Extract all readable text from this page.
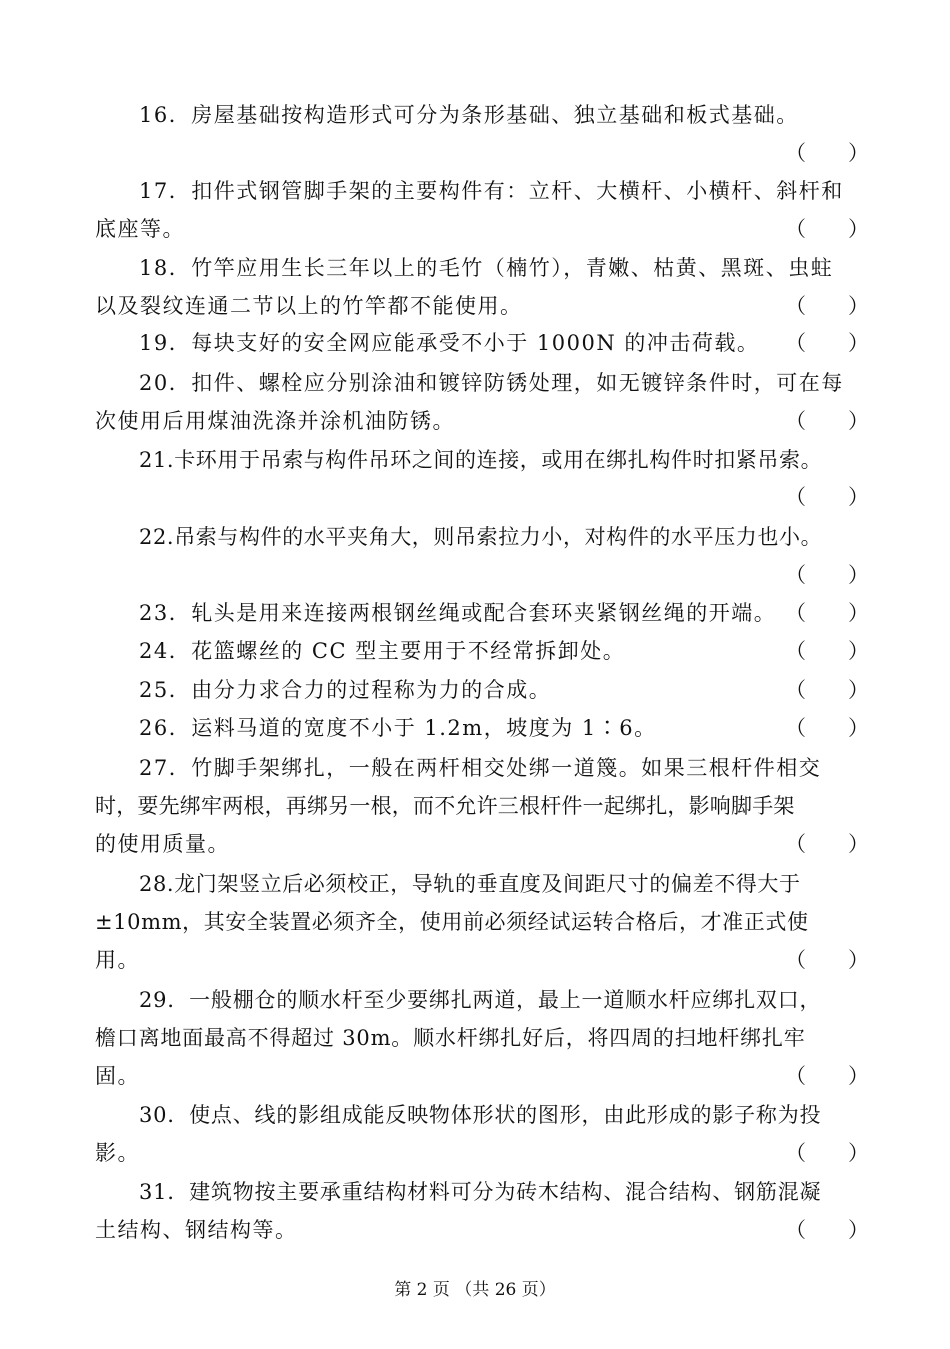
16．房屋基础按构造形式可分为条形基础、独立基础和板式基础。
（　　）
17．扣件式钢管脚手架的主要构件有：立杆、大横杆、小横杆、斜杆和
底座等。	（　　）
18．竹竿应用生长三年以上的毛竹（楠竹），青嫩、枯黄、黑斑、虫蛀
以及裂纹连通二节以上的竹竿都不能使用。	（　　）
19．每块支好的安全网应能承受不小于 1000N 的冲击荷载。	（　　）
20．扣件、螺栓应分别涂油和镀锌防锈处理，如无镀锌条件时，可在每
次使用后用煤油洗涤并涂机油防锈。	（　　）
21.卡环用于吊索与构件吊环之间的连接，或用在绑扎构件时扣紧吊索。
（　　）
22.吊索与构件的水平夹角大，则吊索拉力小，对构件的水平压力也小。
（　　）
23．轧头是用来连接两根钢丝绳或配合套环夹紧钢丝绳的开端。 （　　）
24．花篮螺丝的 CC 型主要用于不经常拆卸处。	（　　）
25．由分力求合力的过程称为力的合成。	（　　）
26．运料马道的宽度不小于 1.2m，坡度为 1∶6。	（　　）
27．竹脚手架绑扎，一般在两杆相交处绑一道篾。如果三根杆件相交
时，要先绑牢两根，再绑另一根，而不允许三根杆件一起绑扎，影响脚手架
的使用质量。	（　　）
28.龙门架竖立后必须校正，导轨的垂直度及间距尺寸的偏差不得大于
±10mm，其安全装置必须齐全，使用前必须经试运转合格后，才准正式使
用。	（　　）
29．一般棚仓的顺水杆至少要绑扎两道，最上一道顺水杆应绑扎双口，
檐口离地面最高不得超过 30m。顺水杆绑扎好后，将四周的扫地杆绑扎牢
固。	（　　）
30．使点、线的影组成能反映物体形状的图形，由此形成的影子称为投
影。	（　　）
31．建筑物按主要承重结构材料可分为砖木结构、混合结构、钢筋混凝
土结构、钢结构等。	（　　）
第 2 页 （共 26 页）
